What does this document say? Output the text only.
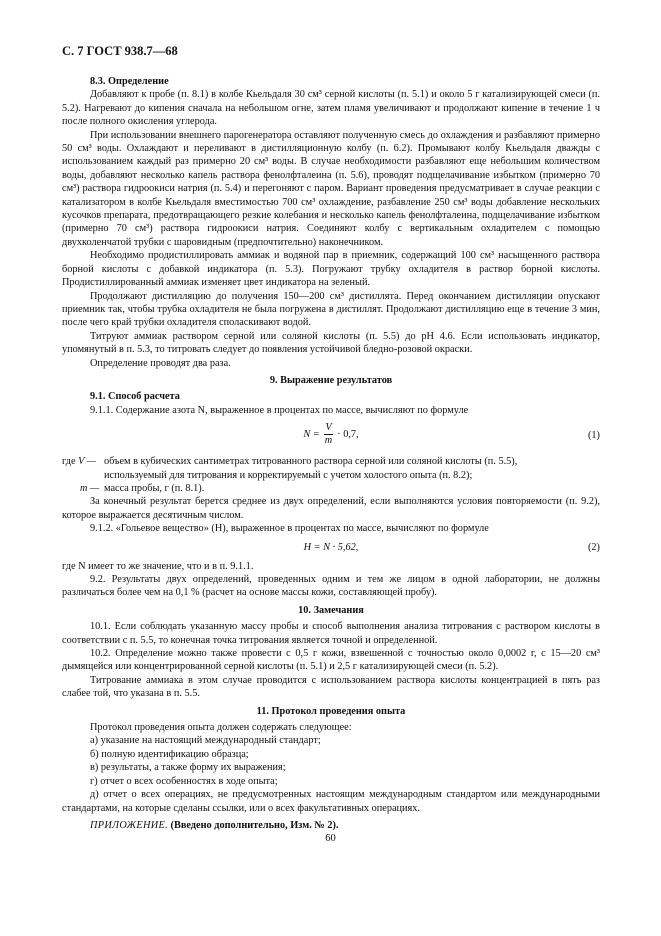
С. 7 ГОСТ 938.7—68

8.3. Определение

Добавляют к пробе (п. 8.1) в колбе Кьельдаля 30 см³ серной кислоты (п. 5.1) и около 5 г катализирующей смеси (п. 5.2). Нагревают до кипения сначала на небольшом огне, затем пламя увеличивают и продолжают кипение в течение 1 ч после полного окисления углерода.

При использовании внешнего парогенератора оставляют полученную смесь до охлаждения и разбавляют примерно 50 см³ воды. Охлаждают и переливают в дистилляционную колбу (п. 6.2). Промывают колбу Кьельдаля дважды с использованием каждый раз примерно 20 см³ воды. В случае необходимости разбавляют еще небольшим количеством воды, добавляют несколько капель раствора фенолфталеина (п. 5.6), проводят подщелачивание избытком (примерно 70 см³) раствора гидроокиси натрия (п. 5.4) и перегоняют с паром. Вариант проведения предусматривает в случае реакции с катализатором в колбе Кьельдаля вместимостью 700 см³ охлаждение, разбавление 250 см³ воды добавление нескольких кусочков препарата, предотвращающего резкие колебания и несколько капель фенолфталеина, подщелачивание избытком (примерно 70 см³) раствора гидроокиси натрия. Соединяют колбу с вертикальным охладителем с помощью двухколенчатой трубки с шаровидным (предпочтительно) наконечником.

Необходимо продистиллировать аммиак и водяной пар в приемник, содержащий 100 см³ насыщенного раствора борной кислоты с добавкой индикатора (п. 5.3). Погружают трубку охладителя в раствор борной кислоты. Продистиллированный аммиак изменяет цвет индикатора на зеленый.

Продолжают дистилляцию до получения 150—200 см³ дистиллята. Перед окончанием дистилляции опускают приемник так, чтобы трубка охладителя не была погружена в дистиллят. Продолжают дистилляцию еще в течение 3 мин, после чего край трубки охладителя споласкивают водой.

Титруют аммиак раствором серной или соляной кислоты (п. 5.5) до pH 4.6. Если использовать индикатор, упомянутый в п. 5.3, то титровать следует до появления устойчивой бледно-розовой окраски.

Определение проводят два раза.

9. Выражение результатов

9.1. Способ расчета

9.1.1. Содержание азота N, выраженное в процентах по массе, вычисляют по формуле

$N = \frac{V}{m} \cdot 0,7$,	(1)
где V — объем в кубических сантиметрах титрованного раствора серной или соляной кислоты (п. 5.5),
используемый для титрования и корректируемый с учетом холостого опыта (п. 8.2);
m — масса пробы, г (п. 8.1).

За конечный результат берется среднее из двух определений, если выполняются условия повторяемости (п. 9.2), которое выражается десятичным числом.

9.1.2. «Гольевое вещество» (H), выраженное в процентах по массе, вычисляют по формуле

H = N · 5,62,	(2)

где N имеет то же значение, что и в п. 9.1.1.

9.2. Результаты двух определений, проведенных одним и тем же лицом в одной лаборатории, не должны различаться более чем на 0,1 % (расчет на основе массы кожи, составляющей пробу).

10. Замечания

10.1. Если соблюдать указанную массу пробы и способ выполнения анализа титрования с раствором кислоты в соответствии с п. 5.5, то конечная точка титрования является точной и определенной.

10.2. Определение можно также провести с 0,5 г кожи, взвешенной с точностью около 0,0002 г, с 15—20 см³ дымящейся или концентрированной серной кислоты (п. 5.1) и 2,5 г катализирующей смеси (п. 5.2).

Титрование аммиака в этом случае проводится с использованием раствора кислоты концентрацией в пять раз слабее той, что указана в п. 5.5.

11. Протокол проведения опыта

Протокол проведения опыта должен содержать следующее:

а) указание на настоящий международный стандарт;

б) полную идентификацию образца;

в) результаты, а также форму их выражения;

г) отчет о всех особенностях в ходе опыта;

д) отчет о всех операциях, не предусмотренных настоящим международным стандартом или международными стандартами, на которые сделаны ссылки, или о всех факультативных операциях.

ПРИЛОЖЕНИЕ. (Введено дополнительно, Изм. № 2).

60
